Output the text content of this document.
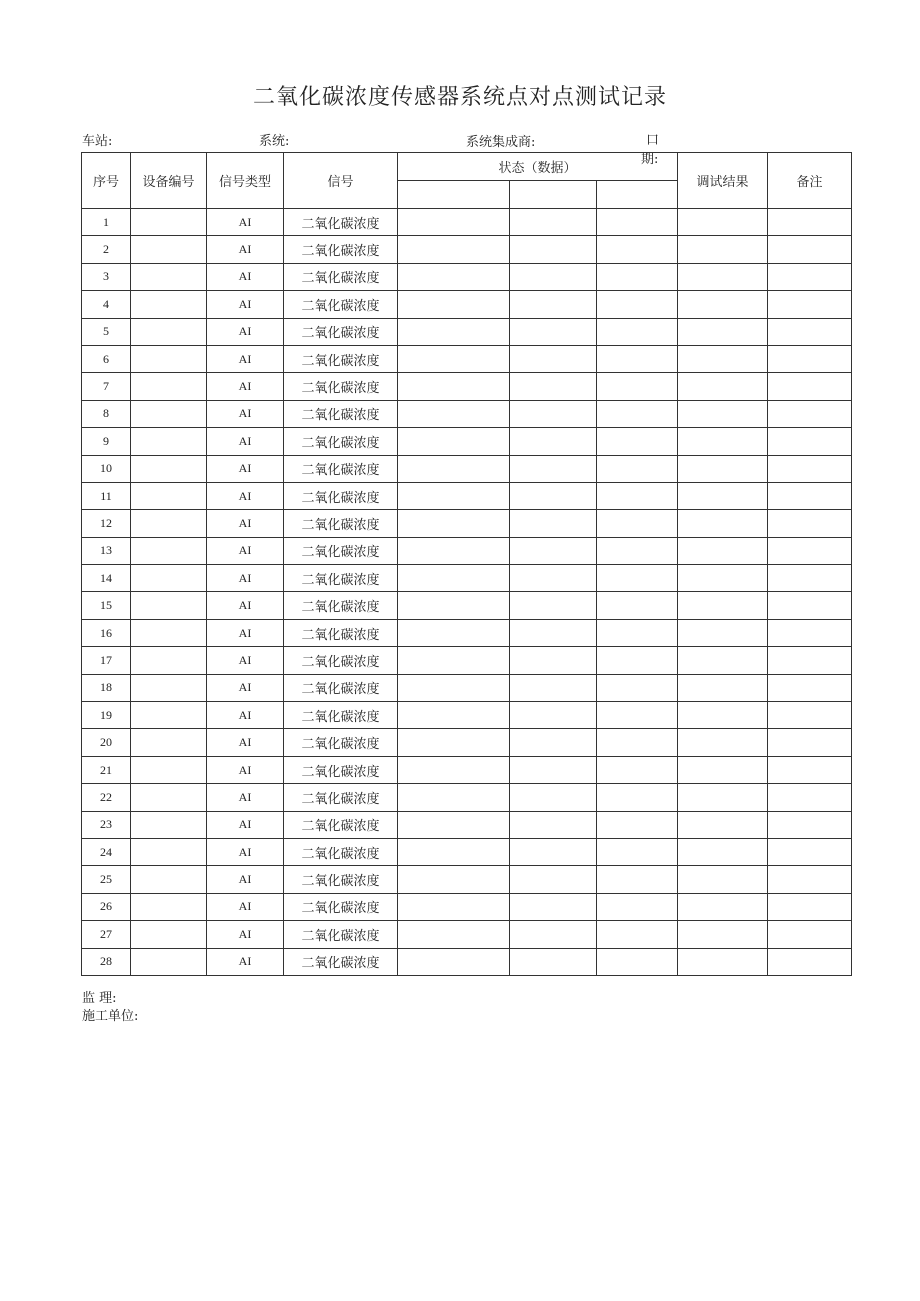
二氧化碳浓度传感器系统点对点测试记录
车站:	系统:	系统集成商:	口
期:
序号	设备编号	信号类型	信号	状态（数据）			调试结果	备注

1		AI	二氧化碳浓度					
2		AI	二氧化碳浓度					
3		AI	二氧化碳浓度					
4		AI	二氧化碳浓度					
5		AI	二氧化碳浓度					
6		AI	二氧化碳浓度					
7		AI	二氧化碳浓度					
8		AI	二氧化碳浓度					
9		AI	二氧化碳浓度					
10		AI	二氧化碳浓度					
11		AI	二氧化碳浓度					
12		AI	二氧化碳浓度					
13		AI	二氧化碳浓度					
14		AI	二氧化碳浓度					
15		AI	二氧化碳浓度					
16		AI	二氧化碳浓度					
17		AI	二氧化碳浓度					
18		AI	二氧化碳浓度					
19		AI	二氧化碳浓度					
20		AI	二氧化碳浓度					
21		AI	二氧化碳浓度					
22		AI	二氧化碳浓度					
23		AI	二氧化碳浓度					
24		AI	二氧化碳浓度					
25		AI	二氧化碳浓度					
26		AI	二氧化碳浓度					
27		AI	二氧化碳浓度					
28		AI	二氧化碳浓度					
监 理:
施工单位:
